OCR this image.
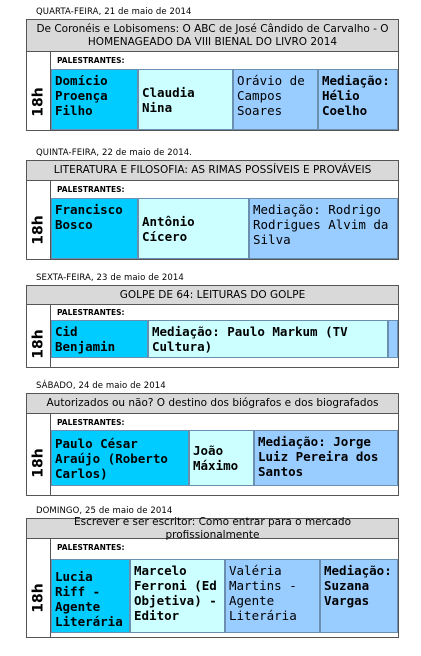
QUARTA-FEIRA, 21 de maio de 2014
De Coronéis e Lobisomens: O ABC de José Cândido de Carvalho - O
HOMENAGEADO DA VIII BIENAL DO LIVRO 2014
18h
PALESTRANTES:
Domício Proença Filho
Claudia Nina
Orávio de Campos Soares
Mediação: Hélio Coelho
QUINTA-FEIRA, 22 de maio de 2014.
LITERATURA E FILOSOFIA: AS RIMAS POSSÍVEIS E PROVÁVEIS
18h
PALESTRANTES:
Francisco Bosco	Antônio Cícero
Mediação: Rodrigo Rodrigues Alvim da Silva
SEXTA-FEIRA, 23 de maio de 2014
GOLPE DE 64: LEITURAS DO GOLPE
18h
PALESTRANTES:
Cid Benjamin
Mediação: Paulo Markum (TV Cultura)
SÁBADO, 24 de maio de 2014
Autorizados ou não? O destino dos biógrafos e dos biografados
18h
PALESTRANTES:
Paulo César Araújo (Roberto Carlos)
João Máximo
Mediação: Jorge Luiz Pereira dos Santos
DOMINGO, 25 de maio de 2014
Escrever e ser escritor: Como entrar para o mercado profissionalmente
18h
PALESTRANTES:
Lucia Riff - Agente Literária
Marcelo Ferroni (Ed Objetiva) - Editor
Valéria Martins - Agente Literária
Mediação: Suzana Vargas
